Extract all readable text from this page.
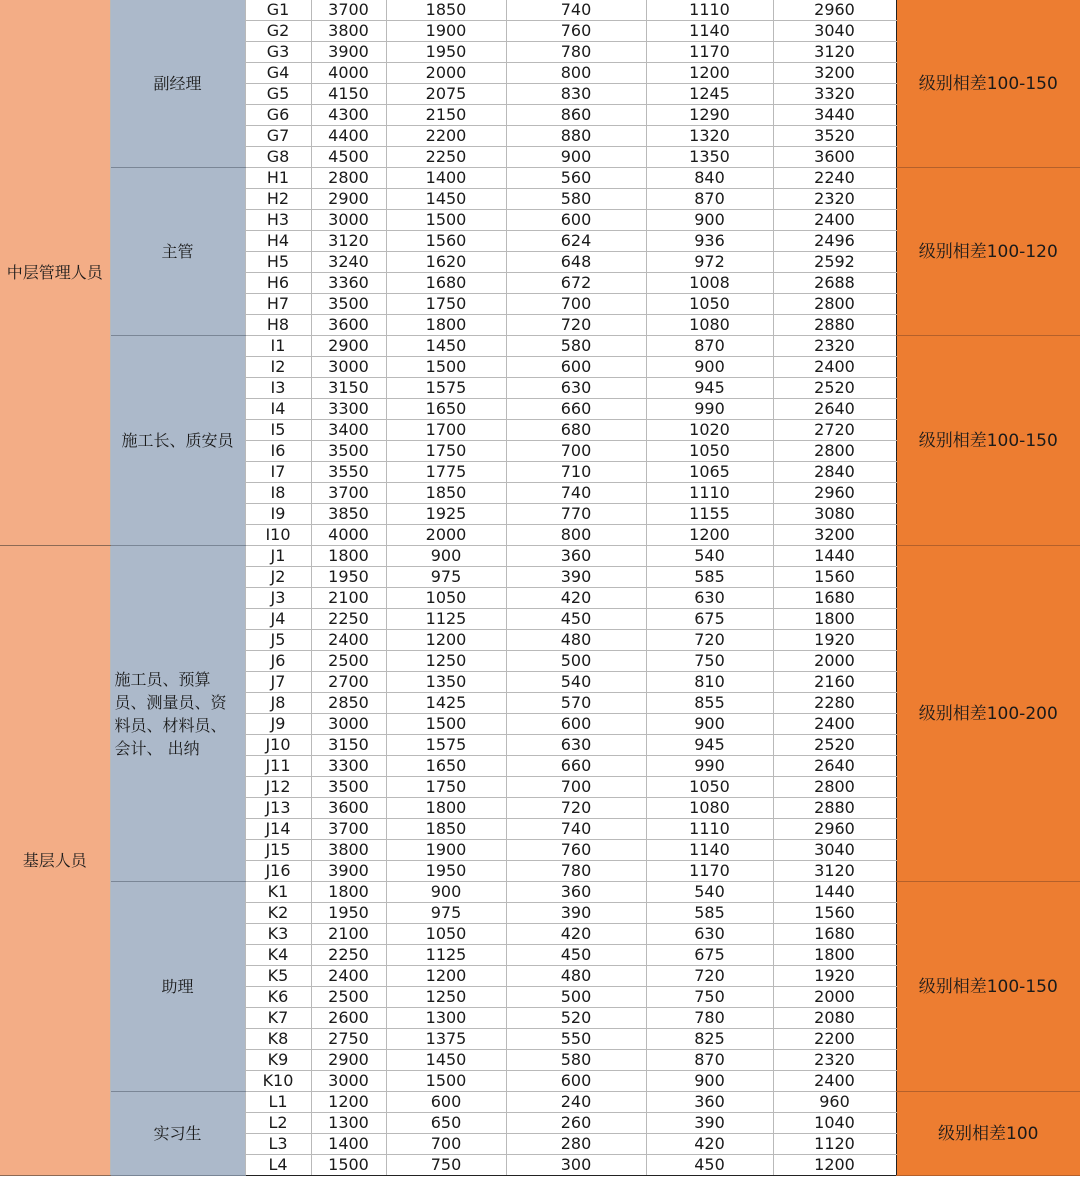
中层管理人员	副经理	G1	3700	1850	740	1110	2960	级别相差100-150
		G2	3800	1900	760	1140	3040	
		G3	3900	1950	780	1170	3120	
		G4	4000	2000	800	1200	3200	
		G5	4150	2075	830	1245	3320	
		G6	4300	2150	860	1290	3440	
		G7	4400	2200	880	1320	3520	
		G8	4500	2250	900	1350	3600	
	主管	H1	2800	1400	560	840	2240	级别相差100-120
		H2	2900	1450	580	870	2320	
		H3	3000	1500	600	900	2400	
		H4	3120	1560	624	936	2496	
		H5	3240	1620	648	972	2592	
		H6	3360	1680	672	1008	2688	
		H7	3500	1750	700	1050	2800	
		H8	3600	1800	720	1080	2880	
	施工长、质安员	I1	2900	1450	580	870	2320	级别相差100-150
		I2	3000	1500	600	900	2400	
		I3	3150	1575	630	945	2520	
		I4	3300	1650	660	990	2640	
		I5	3400	1700	680	1020	2720	
		I6	3500	1750	700	1050	2800	
		I7	3550	1775	710	1065	2840	
		I8	3700	1850	740	1110	2960	
		I9	3850	1925	770	1155	3080	
		I10	4000	2000	800	1200	3200	
基层人员	施工员、预算员、测量员、资料员、材料员、会计、 出纳	J1	1800	900	360	540	1440	级别相差100-200
		J2	1950	975	390	585	1560	
		J3	2100	1050	420	630	1680	
		J4	2250	1125	450	675	1800	
		J5	2400	1200	480	720	1920	
		J6	2500	1250	500	750	2000	
		J7	2700	1350	540	810	2160	
		J8	2850	1425	570	855	2280	
		J9	3000	1500	600	900	2400	
		J10	3150	1575	630	945	2520	
		J11	3300	1650	660	990	2640	
		J12	3500	1750	700	1050	2800	
		J13	3600	1800	720	1080	2880	
		J14	3700	1850	740	1110	2960	
		J15	3800	1900	760	1140	3040	
		J16	3900	1950	780	1170	3120	
	助理	K1	1800	900	360	540	1440	级别相差100-150
		K2	1950	975	390	585	1560	
		K3	2100	1050	420	630	1680	
		K4	2250	1125	450	675	1800	
		K5	2400	1200	480	720	1920	
		K6	2500	1250	500	750	2000	
		K7	2600	1300	520	780	2080	
		K8	2750	1375	550	825	2200	
		K9	2900	1450	580	870	2320	
		K10	3000	1500	600	900	2400	
	实习生	L1	1200	600	240	360	960	级别相差100
		L2	1300	650	260	390	1040	
		L3	1400	700	280	420	1120	
		L4	1500	750	300	450	1200	
